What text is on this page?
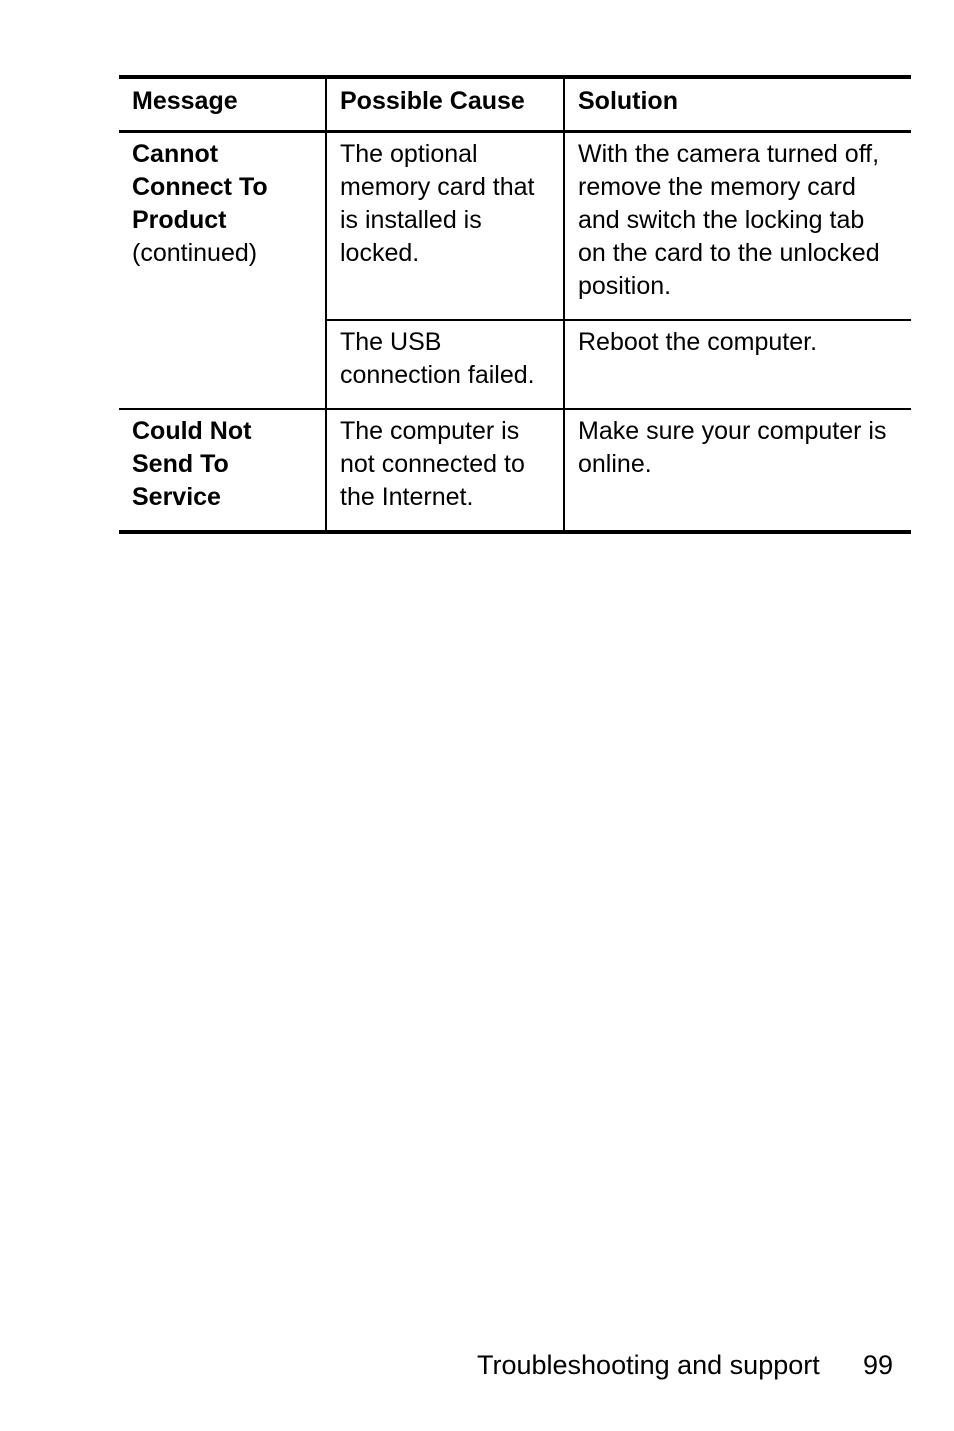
Message	Possible Cause	Solution

Cannot Connect To Product
(continued)	The optional memory card that is installed is locked.	With the camera turned off, remove the memory card and switch the locking tab on the card to the unlocked position.
	The USB connection failed.	Reboot the computer.

Could Not Send To Service	The computer is not connected to the Internet.	Make sure your computer is online.
Troubleshooting and support 99
